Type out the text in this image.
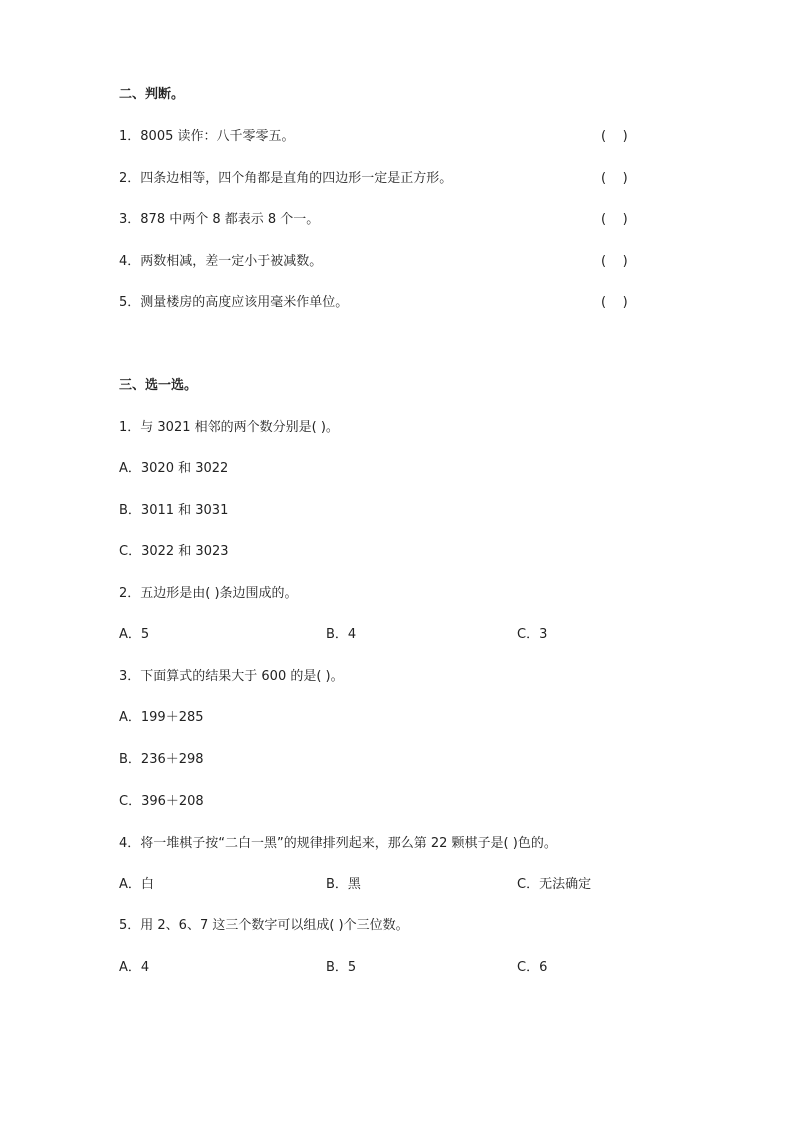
二、判断。
1．8005 读作：八千零零五。	(    )
2．四条边相等，四个角都是直角的四边形一定是正方形。	(    )
3．878 中两个 8 都表示 8 个一。	(    )
4．两数相减，差一定小于被减数。	(    )
5．测量楼房的高度应该用毫米作单位。	(    )
三、选一选。
1．与 3021 相邻的两个数分别是( )。
A．3020 和 3022
B．3011 和 3031
C．3022 和 3023
2．五边形是由( )条边围成的。
A．5	B．4	C．3
3．下面算式的结果大于 600 的是( )。
A．199＋285
B．236＋298
C．396＋208
4．将一堆棋子按“二白一黑”的规律排列起来，那么第 22 颗棋子是( )色的。
A．白	B．黑	C．无法确定
5．用 2、6、7 这三个数字可以组成( )个三位数。
A．4	B．5	C．6
